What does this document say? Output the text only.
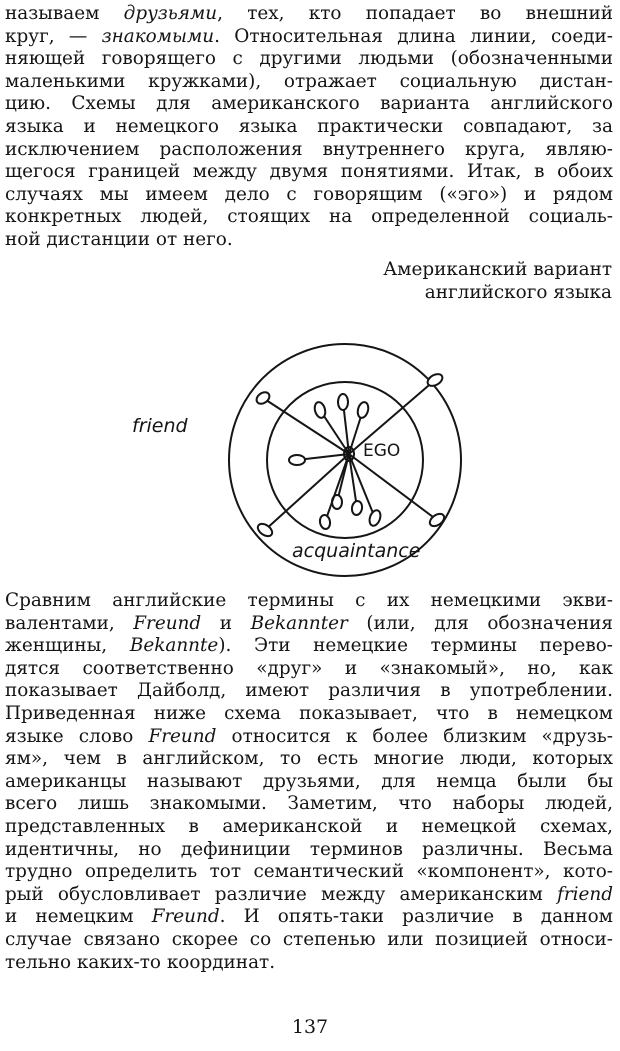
называем друзьями, тех, кто попадает во внешний
круг, — знакомыми. Относительная длина линии, соеди-
няющей говорящего с другими людьми (обозначенными
маленькими кружками), отражает социальную дистан-
цию. Схемы для американского варианта английского
языка и немецкого языка практически совпадают, за
исключением расположения внутреннего круга, являю-
щегося границей между двумя понятиями. Итак, в обоих
случаях мы имеем дело с говорящим («эго») и рядом
конкретных людей, стоящих на определенной социаль-
ной дистанции от него.
Американский вариант
английского языка
friend
acquaintance
EGO
Сравним английские термины с их немецкими экви-
валентами, Freund и Bekannter (или, для обозначения
женщины, Bekannte). Эти немецкие термины перево-
дятся соответственно «друг» и «знакомый», но, как
показывает Дайболд, имеют различия в употреблении.
Приведенная ниже схема показывает, что в немецком
языке слово Freund относится к более близким «друзь-
ям», чем в английском, то есть многие люди, которых
американцы называют друзьями, для немца были бы
всего лишь знакомыми. Заметим, что наборы людей,
представленных в американской и немецкой схемах,
идентичны, но дефиниции терминов различны. Весьма
трудно определить тот семантический «компонент», кото-
рый обусловливает различие между американским friend
и немецким Freund. И опять-таки различие в данном
случае связано скорее со степенью или позицией относи-
тельно каких-то координат.
137
